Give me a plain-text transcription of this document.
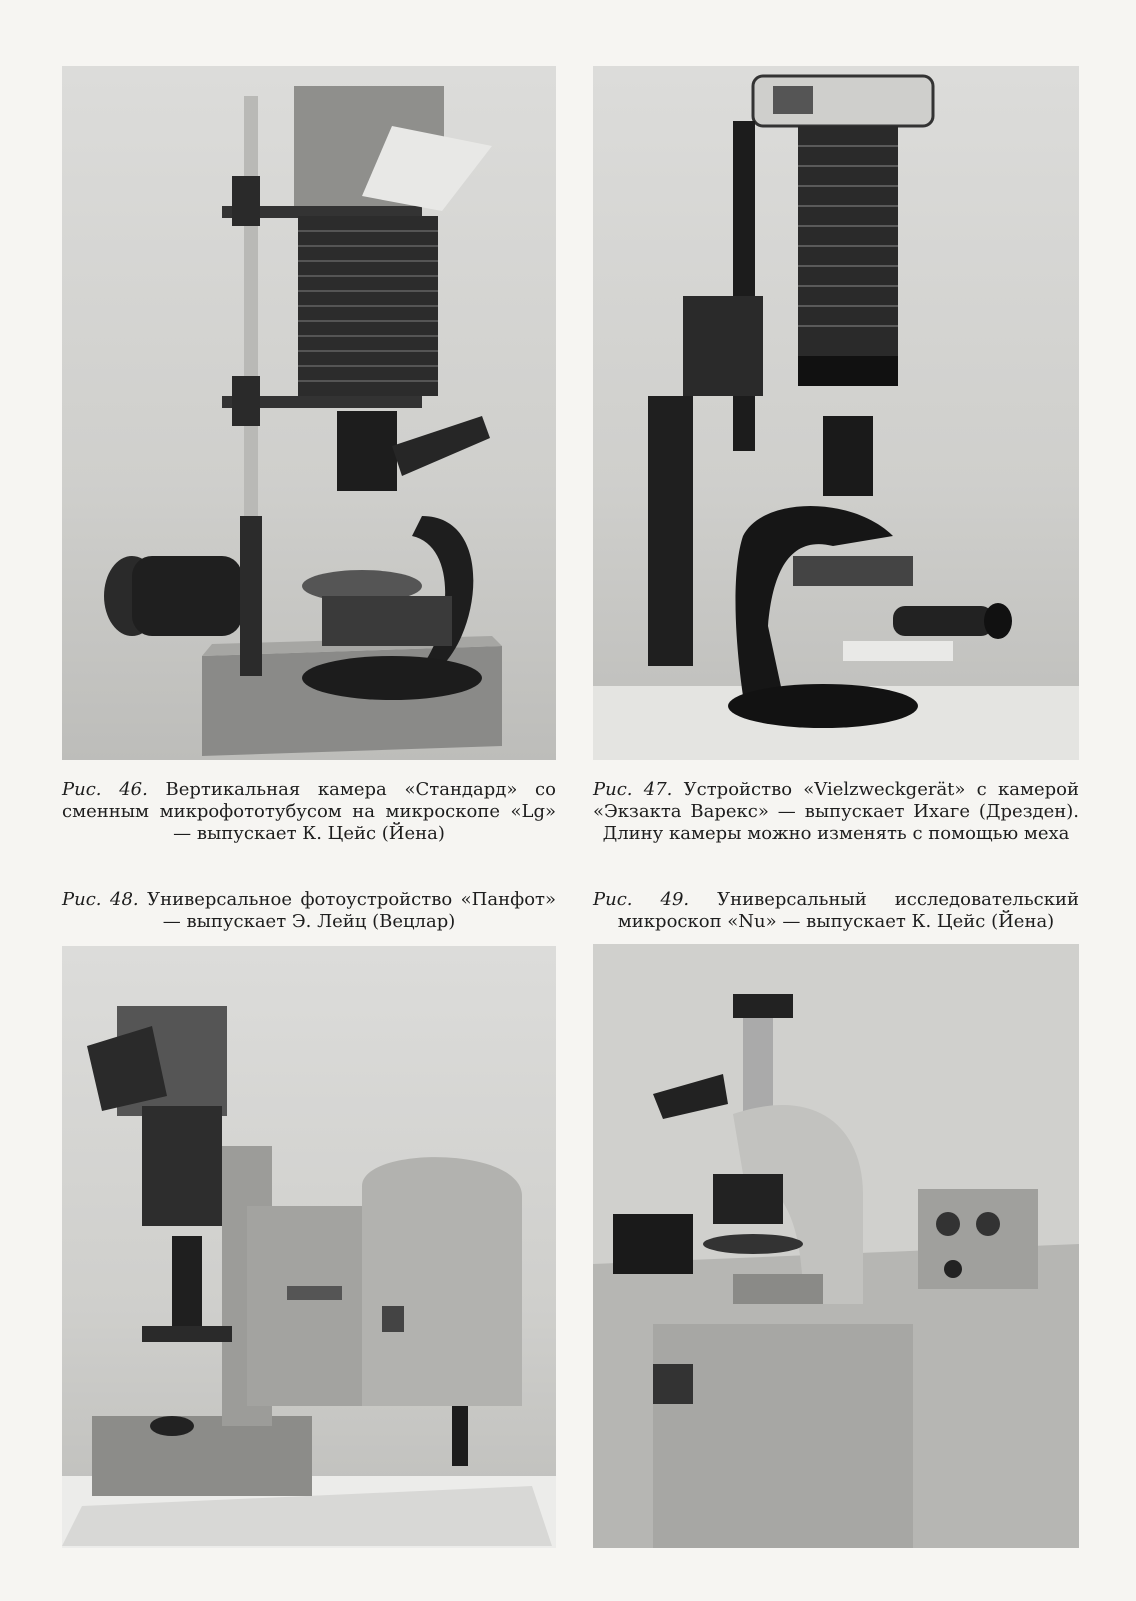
Рис. 46. Вертикальная камера «Стандард» со сменным микрофототубусом на микроскопе «Lg» — выпускает К. Цейс (Йена)
Рис. 47. Устройство «Vielzweckgerät» с камерой «Экзакта Варекс» — выпускает Ихаге (Дрезден). Длину камеры можно изменять с помощью меха
Рис. 48. Универсальное фотоустройство «Панфот» — выпускает Э. Лейц (Вецлар)
Рис. 49. Универсальный исследовательский микроскоп «Nu» — выпускает К. Цейс (Йена)
